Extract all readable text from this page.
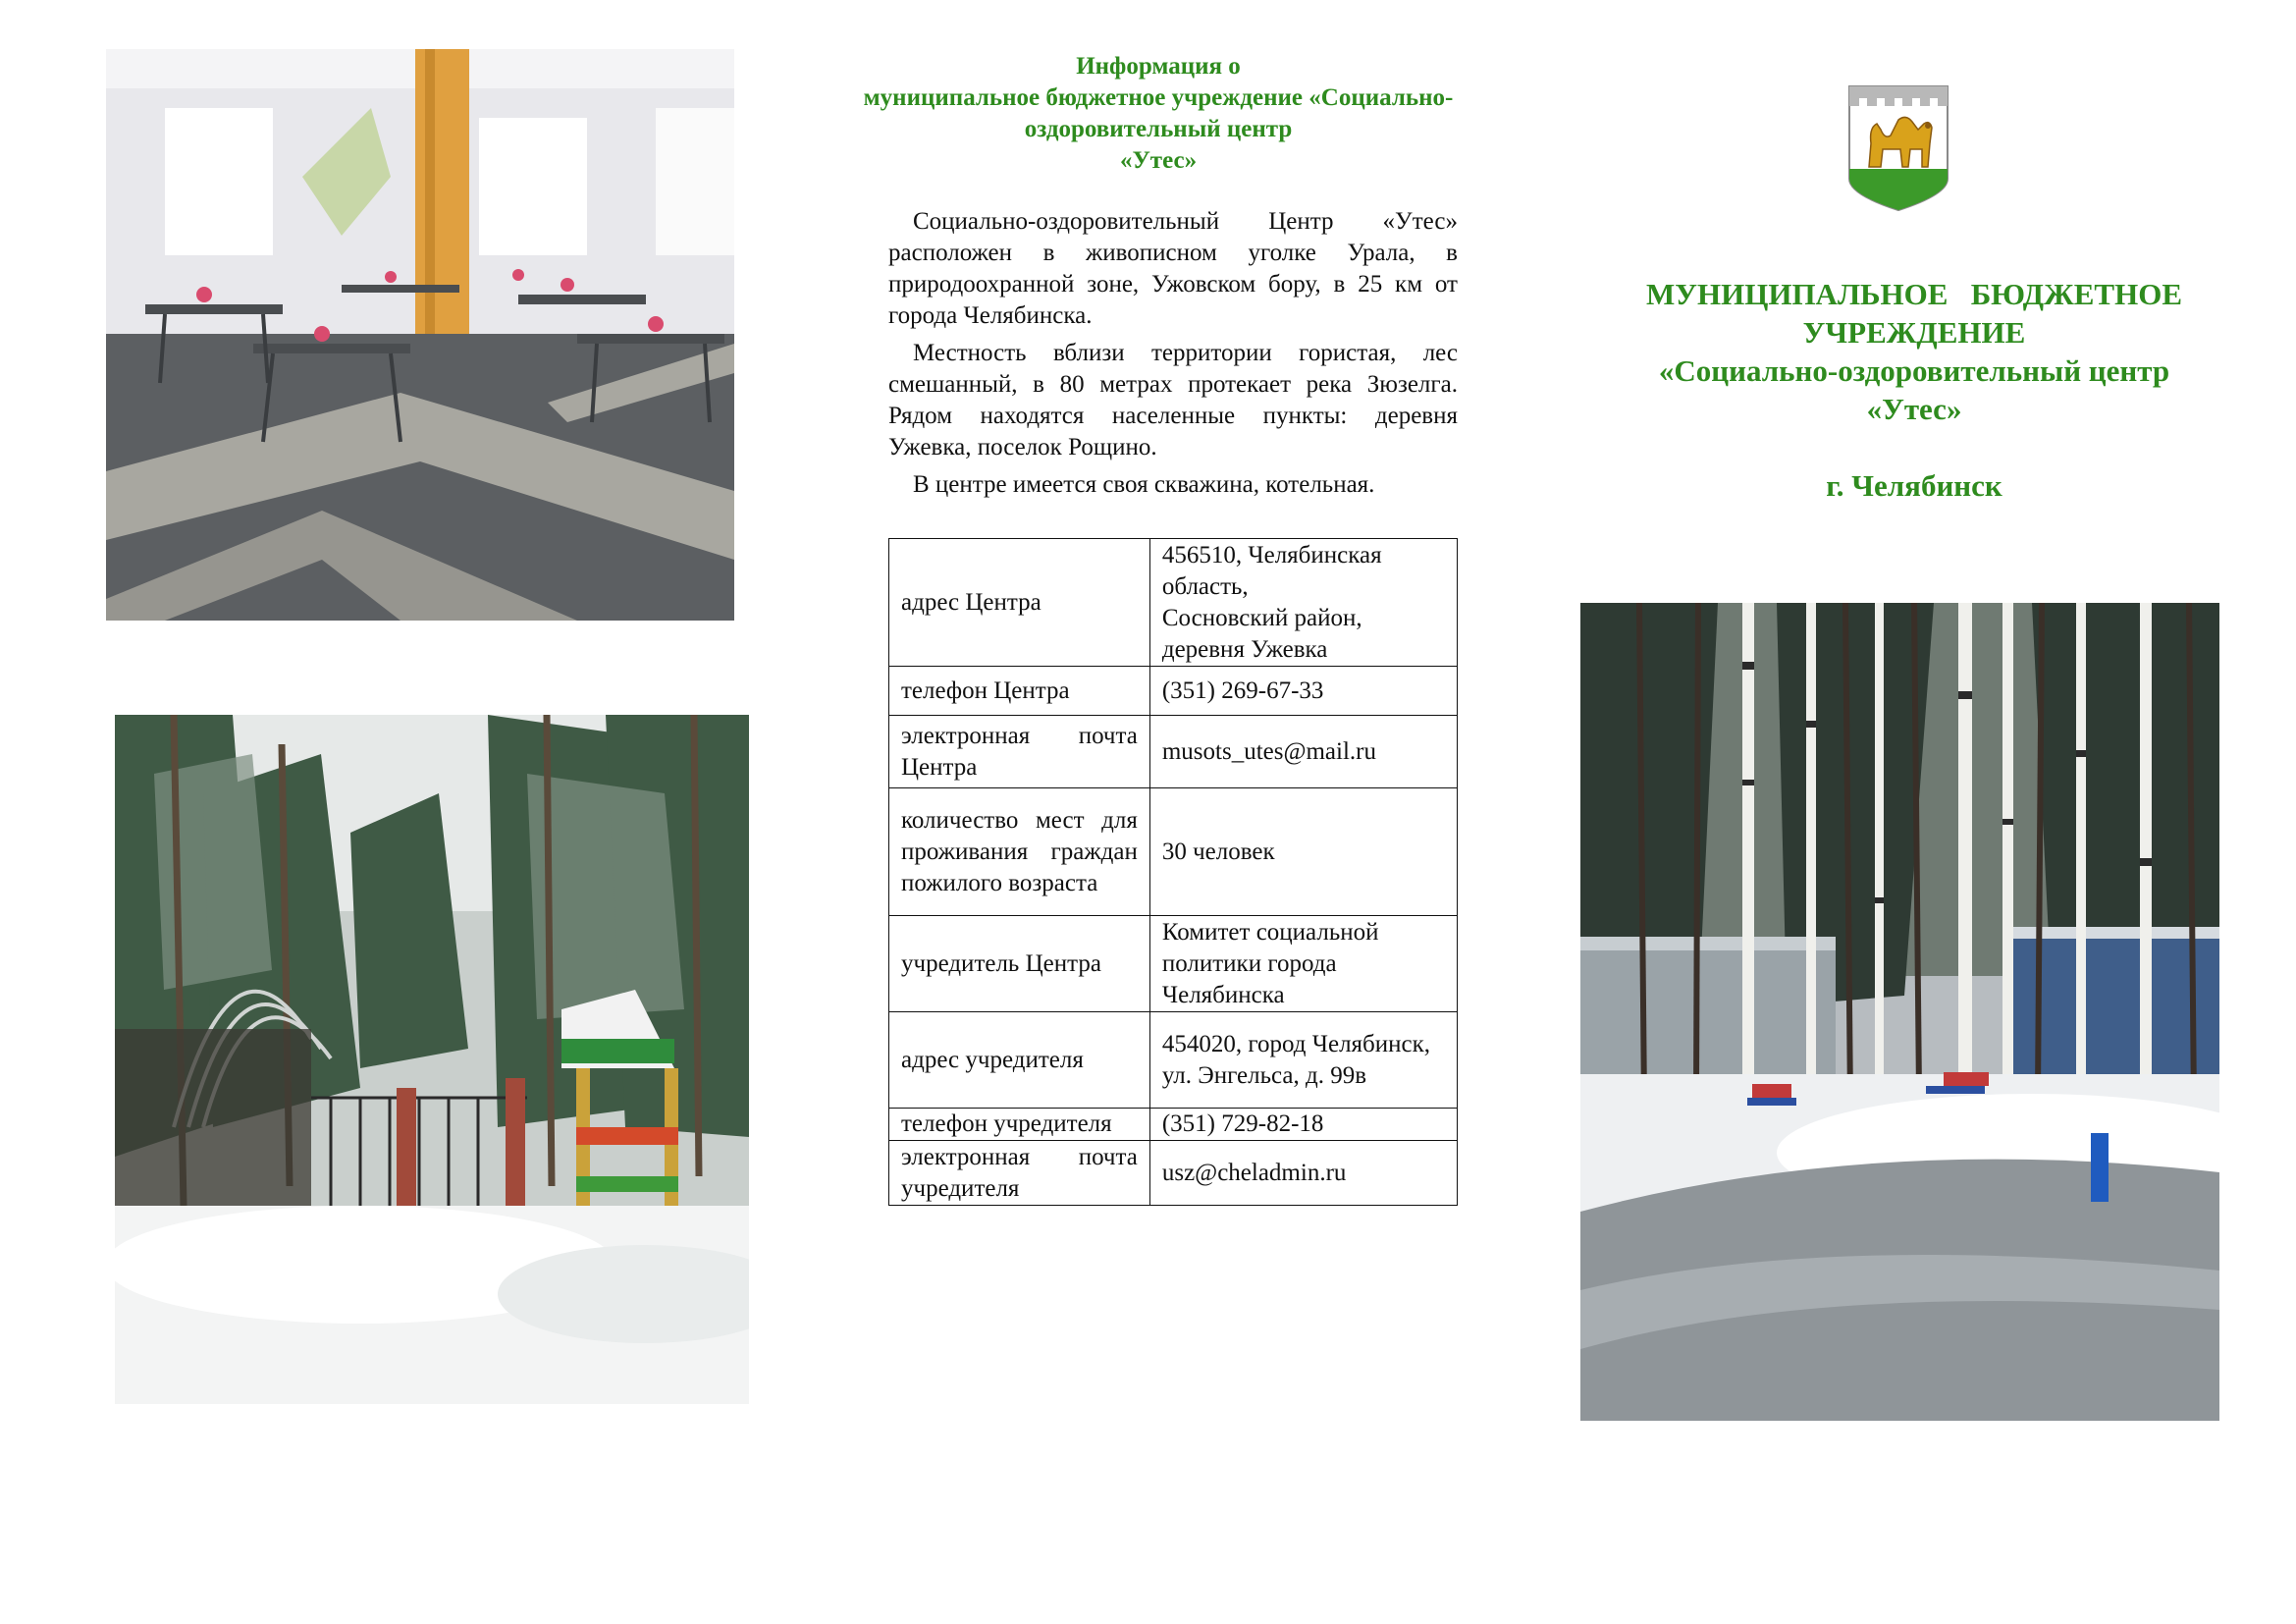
Информация о
муниципальное бюджетное учреждение «Социально-
оздоровительный центр
«Утес»

Социально-оздоровительный Центр «Утес» расположен в живописном уголке Урала, в природоохранной зоне, Ужовском бору, в 25 км от города Челябинска.

Местность вблизи территории гористая, лес смешанный, в 80 метрах протекает река Зюзелга. Рядом находятся населенные пункты: деревня Ужевка, поселок Рощино.

В центре имеется своя скважина, котельная.

адрес Центра	456510, Челябинская область,
Сосновский район,
деревня Ужевка
телефон Центра	(351) 269-67-33
электронная почта Центра	musots_utes@mail.ru
количество мест для проживания граждан пожилого возраста	30 человек
учредитель Центра	Комитет социальной политики города Челябинска
адрес учредителя	454020, город Челябинск, ул. Энгельса, д. 99в
телефон учредителя	(351) 729-82-18
электронная почта учредителя	usz@cheladmin.ru
МУНИЦИПАЛЬНОЕ   БЮДЖЕТНОЕ
УЧРЕЖДЕНИЕ
«Социально-оздоровительный центр
«Утес»
г. Челябинск
